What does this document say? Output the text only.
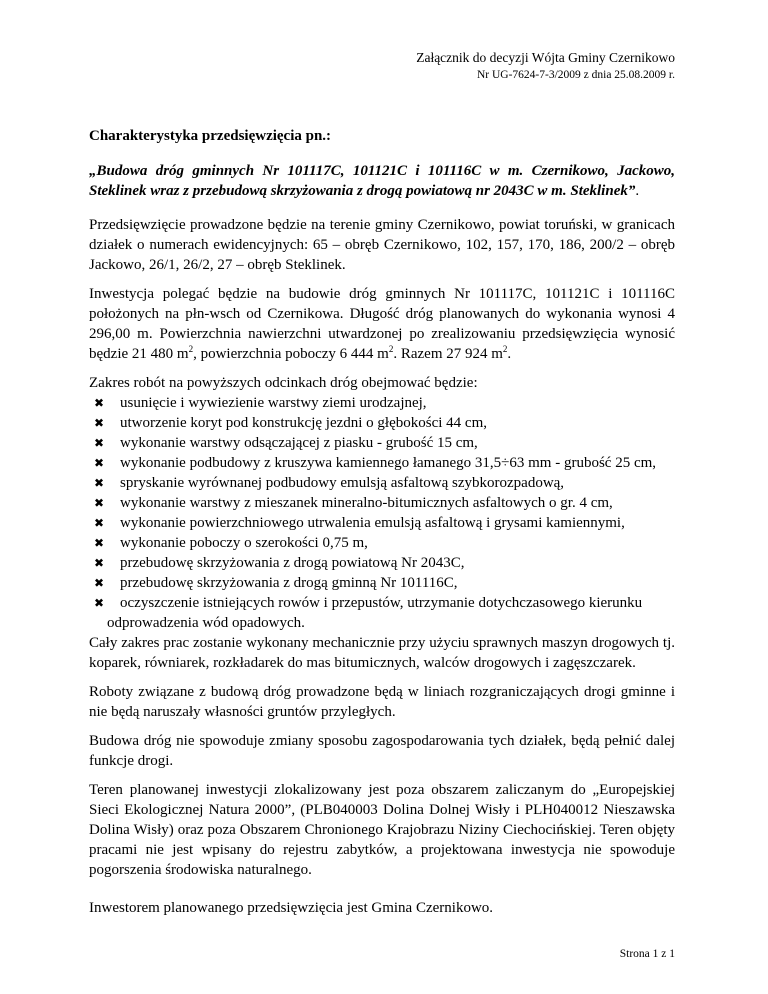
Załącznik do decyzji Wójta Gminy Czernikowo
Nr UG-7624-7-3/2009 z dnia 25.08.2009 r.

Charakterystyka przedsięwzięcia pn.:

„Budowa dróg gminnych Nr 101117C, 101121C i 101116C w m. Czernikowo, Jackowo, Steklinek wraz z przebudową skrzyżowania z drogą powiatową nr 2043C w m. Steklinek”.

Przedsięwzięcie prowadzone będzie na terenie gminy Czernikowo, powiat toruński, w granicach działek o numerach ewidencyjnych: 65 – obręb Czernikowo, 102, 157, 170, 186, 200/2 – obręb Jackowo, 26/1, 26/2, 27 – obręb Steklinek.

Inwestycja polegać będzie na budowie dróg gminnych Nr 101117C, 101121C i 101116C położonych na płn-wsch od Czernikowa. Długość dróg planowanych do wykonania wynosi 4 296,00 m. Powierzchnia nawierzchni utwardzonej po zrealizowaniu przedsięwzięcia wynosić będzie 21 480 $m^2$, powierzchnia poboczy 6 444 $m^2$. Razem 27 924 $m^2$.

Zakres robót na powyższych odcinkach dróg obejmować będzie:

✖ usunięcie i wywiezienie warstwy ziemi urodzajnej,
✖ utworzenie koryt pod konstrukcję jezdni o głębokości 44 cm,
✖ wykonanie warstwy odsączającej z piasku - grubość 15 cm,
✖ wykonanie podbudowy z kruszywa kamiennego łamanego 31,5÷63 mm - grubość 25 cm,
✖ spryskanie wyrównanej podbudowy emulsją asfaltową szybkorozpadową,
✖ wykonanie warstwy z mieszanek mineralno-bitumicznych asfaltowych o gr. 4 cm,
✖ wykonanie powierzchniowego utrwalenia emulsją asfaltową i grysami kamiennymi,
✖ wykonanie poboczy o szerokości 0,75 m,
✖ przebudowę skrzyżowania z drogą powiatową Nr 2043C,
✖ przebudowę skrzyżowania z drogą gminną Nr 101116C,
✖ oczyszczenie istniejących rowów i przepustów, utrzymanie dotychczasowego kierunku
odprowadzenia wód opadowych.

Cały zakres prac zostanie wykonany mechanicznie przy użyciu sprawnych maszyn drogowych tj. koparek, równiarek, rozkładarek do mas bitumicznych, walców drogowych i zagęszczarek.

Roboty związane z budową dróg prowadzone będą w liniach rozgraniczających drogi gminne i nie będą naruszały własności gruntów przyległych.

Budowa dróg nie spowoduje zmiany sposobu zagospodarowania tych działek, będą pełnić dalej funkcje drogi.

Teren planowanej inwestycji zlokalizowany jest poza obszarem zaliczanym do „Europejskiej Sieci Ekologicznej Natura 2000”, (PLB040003 Dolina Dolnej Wisły i PLH040012 Nieszawska Dolina Wisły) oraz poza Obszarem Chronionego Krajobrazu Niziny Ciechocińskiej. Teren objęty pracami nie jest wpisany do rejestru zabytków, a projektowana inwestycja nie spowoduje pogorszenia środowiska naturalnego.

Inwestorem planowanego przedsięwzięcia jest Gmina Czernikowo.

Strona 1 z 1
